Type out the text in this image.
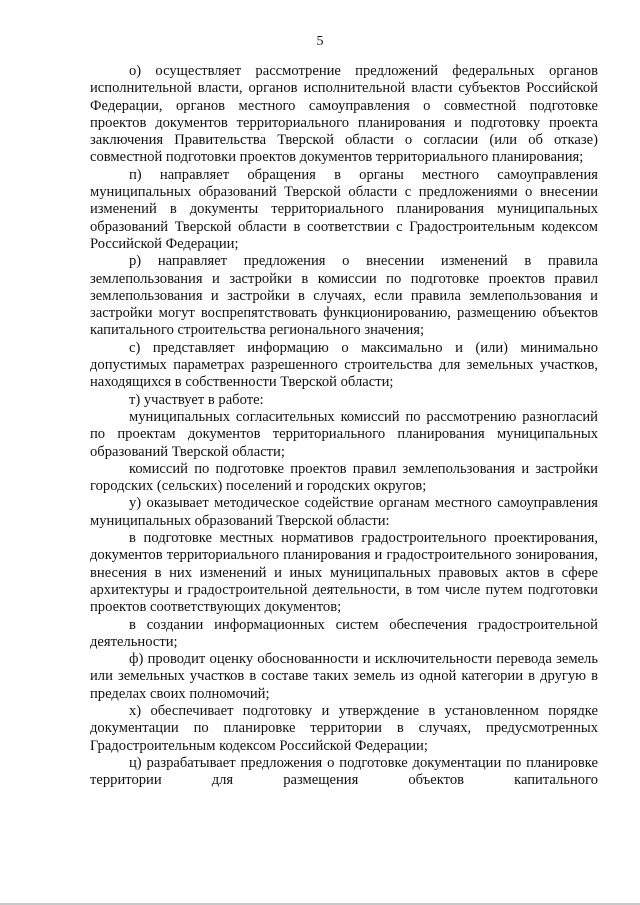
5

о) осуществляет рассмотрение предложений федеральных органов исполнительной власти, органов исполнительной власти субъектов Российской Федерации, органов местного самоуправления о совместной подготовке проектов документов территориального планирования и подготовку проекта заключения Правительства Тверской области о согласии (или об отказе) совместной подготовки проектов документов территориального планирования;

п) направляет обращения в органы местного самоуправления муниципальных образований Тверской области с предложениями о внесении изменений в документы территориального планирования муниципальных образований Тверской области в соответствии с Градостроительным кодексом Российской Федерации;

р) направляет предложения о внесении изменений в правила землепользования и застройки в комиссии по подготовке проектов правил землепользования и застройки в случаях, если правила землепользования и застройки могут воспрепятствовать функционированию, размещению объектов капитального строительства регионального значения;

с) представляет информацию о максимально и (или) минимально допустимых параметрах разрешенного строительства для земельных участков, находящихся в собственности Тверской области;

т) участвует в работе:

муниципальных согласительных комиссий по рассмотрению разногласий по проектам документов территориального планирования муниципальных образований Тверской области;

комиссий по подготовке проектов правил землепользования и застройки городских (сельских) поселений и городских округов;

у) оказывает методическое содействие органам местного самоуправления муниципальных образований Тверской области:

в подготовке местных нормативов градостроительного проектирования, документов территориального планирования и градостроительного зонирования, внесения в них изменений и иных муниципальных правовых актов в сфере архитектуры и градостроительной деятельности, в том числе путем подготовки проектов соответствующих документов;

в создании информационных систем обеспечения градостроительной деятельности;

ф) проводит оценку обоснованности и исключительности перевода земель или земельных участков в составе таких земель из одной категории в другую в пределах своих полномочий;

х) обеспечивает подготовку и утверждение в установленном порядке документации по планировке территории в случаях, предусмотренных Градостроительным кодексом Российской Федерации;

ц) разрабатывает предложения о подготовке документации по планировке территории для размещения объектов капитального
